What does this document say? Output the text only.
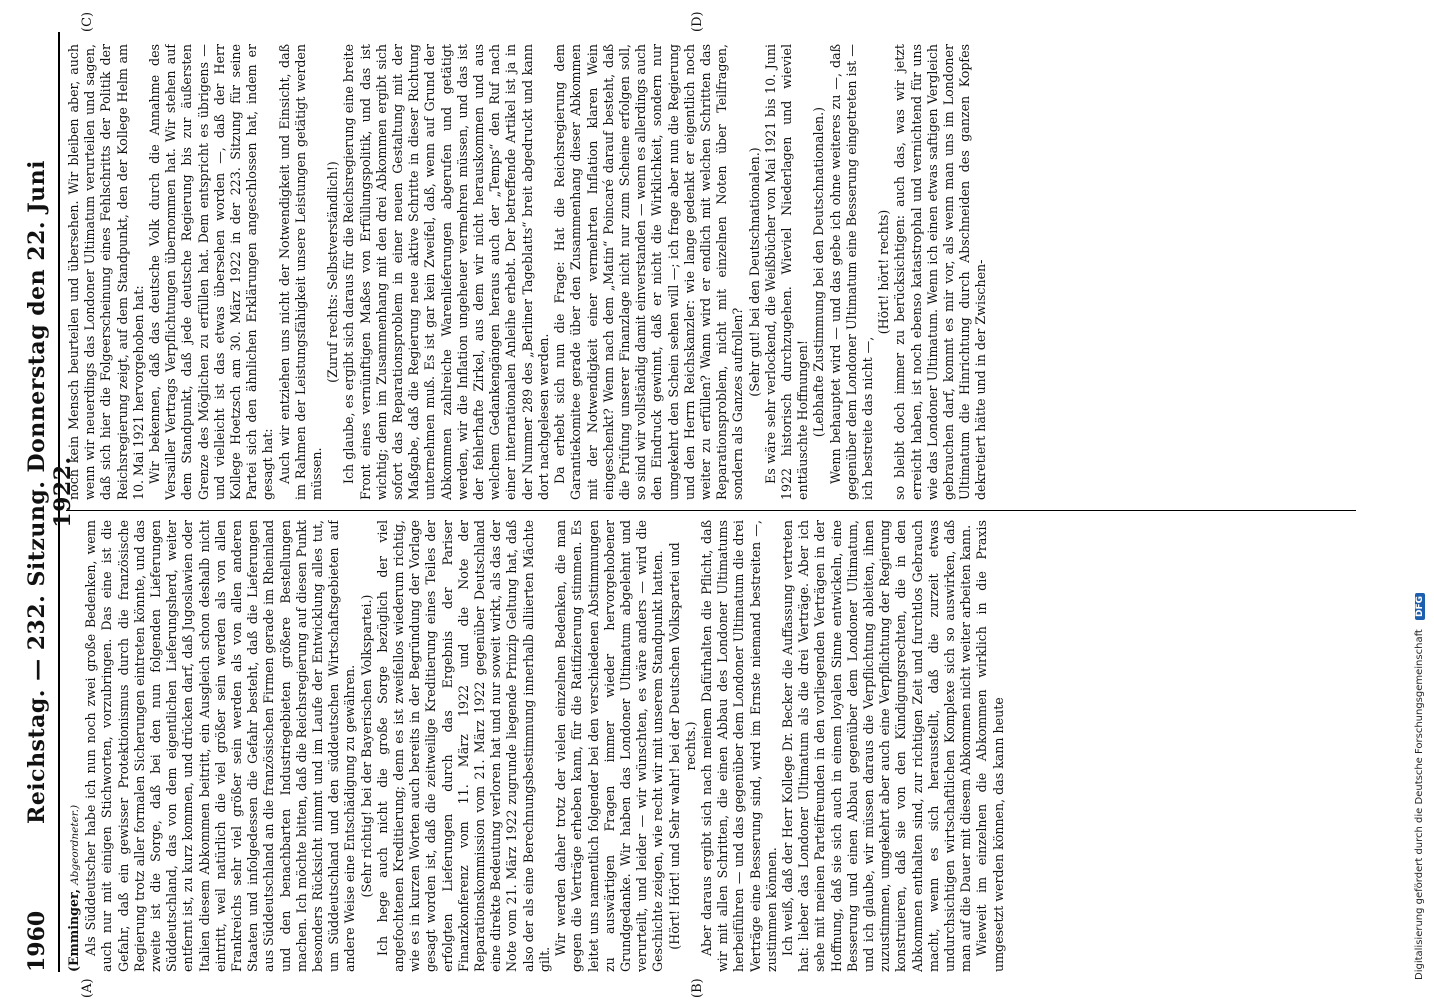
1960
Reichstag. — 232. Sitzung. Donnerstag den 22. Juni 1922.
(A)	(B)
(C)	(D)

(Emminger, Abgeordneter.) Als Süddeutscher habe ich nun noch zwei große Bedenken, wenn auch nur mit einigen Stichworten, vorzubringen. Das eine ist die Gefahr, daß ein gewisser Protektionismus durch die französische Regierung trotz aller formalen Sicherungen eintreten könnte, und das zweite ist die Sorge, daß bei den nun folgenden Lieferungen Süddeutschland, das von dem eigentlichen Lieferungsherd, weiter entfernt ist, zu kurz kommen, und drücken darf, daß Jugoslawien oder Italien diesem Abkommen beitritt, ein Ausgleich schon deshalb nicht eintritt, weil natürlich die viel größer sein werden als von allen Frankreichs sehr viel größer sein werden als von allen anderen Staaten und infolgedessen die Gefahr besteht, daß die Lieferungen aus Süddeutschland an die französischen Firmen gerade im Rheinland und den benachbarten Industriegebieten größere Bestellungen machen. Ich möchte bitten, daß die Reichsregierung auf diesen Punkt besonders Rücksicht nimmt und im Laufe der Entwicklung alles tut, um Süddeutschland und den süddeutschen Wirtschaftsgebieten auf andere Weise eine Entschädigung zu gewähren. (Sehr richtig! bei der Bayerischen Volkspartei.) Ich hege auch nicht die große Sorge bezüglich der viel angefochtenen Kreditierung; denn es ist zweifellos wiederum richtig, wie es in kurzen Worten auch bereits in der Begründung der Vorlage gesagt worden ist, daß die zeitweilige Kreditierung eines Teiles der erfolgten Lieferungen durch das Ergebnis der Pariser Finanzkonferenz vom 11. März 1922 und die Note der Reparationskommission vom 21. März 1922 gegenüber Deutschland eine direkte Bedeutung verloren hat und nur soweit wirkt, als das der Note vom 21. März 1922 zugrunde liegende Prinzip Geltung hat, daß also der als eine Berechnungsbestimmung innerhalb alliierten Mächte gilt.

Wir werden daher trotz der vielen einzelnen Bedenken, die man gegen die Verträge erheben kann, für die Ratifizierung stimmen. Es leitet uns namentlich folgender bei den verschiedenen Abstimmungen zu auswärtigen Fragen immer wieder hervorgehobener Grundgedanke. Wir haben das Londoner Ultimatum abgelehnt und verurteilt, und leider — wir wünschten, es wäre anders — wird die Geschichte zeigen, wie recht wir mit unserem Standpunkt hatten. (Hört! Hört! und Sehr wahr! bei der Deutschen Volkspartei und rechts.) Aber daraus ergibt sich nach meinem Dafürhalten die Pflicht, daß wir mit allen Schritten, die einen Abbau des Londoner Ultimatums herbeiführen — und das gegenüber dem Londoner Ultimatum die drei Verträge eine Besserung sind, wird im Ernste niemand bestreiten —, zustimmen können. Ich weiß, daß der Herr Kollege Dr. Becker die Auffassung vertreten hat: lieber das Londoner Ultimatum als die drei Verträge. Aber ich sehe mit meinen Parteifreunden in den vorliegenden Verträgen in der Hoffnung, daß sie sich auch in einem loyalen Sinne entwickeln, eine Besserung und einen Abbau gegenüber dem Londoner Ultimatum, und ich glaube, wir müssen daraus die Verpflichtung ableiten, ihnen zuzustimmen, umgekehrt aber auch eine Verpflichtung der Regierung konstruieren, daß sie von den Kündigungsrechten, die in den Abkommen enthalten sind, zur richtigen Zeit und furchtlos Gebrauch macht, wenn es sich herausstellt, daß die zurzeit etwas undurchsichtigen wirtschaftlichen Komplexe sich so auswirken, daß man auf die Dauer mit diesem Abkommen nicht weiter arbeiten kann. Wieweit im einzelnen die Abkommen wirklich in die Praxis umgesetzt werden können, das kann heute

noch kein Mensch beurteilen und übersehen. Wir bleiben aber, auch wenn wir neuerdings das Londoner Ultimatum verurteilen und sagen, daß sich hier die Folgeerscheinung eines Fehlschritts der Politik der Reichsregierung zeigt, auf dem Standpunkt, den der Kollege Helm am 10. Mai 1921 hervorgehoben hat: Wir bekennen, daß das deutsche Volk durch die Annahme des Versailler Vertrags Verpflichtungen übernommen hat. Wir stehen auf dem Standpunkt, daß jede deutsche Regierung bis zur äußersten Grenze des Möglichen zu erfüllen hat. Dem entspricht es übrigens — und vielleicht ist das etwas übersehen worden —, daß der Herr Kollege Hoetzsch am 30. März 1922 in der 223. Sitzung für seine Partei sich den ähnlichen Erklärungen angeschlossen hat, indem er gesagt hat: Auch wir entziehen uns nicht der Notwendigkeit und Einsicht, daß im Rahmen der Leistungsfähigkeit unsere Leistungen getätigt werden müssen.

(Zuruf rechts: Selbstverständlich!) Ich glaube, es ergibt sich daraus für die Reichsregierung eine breite Front eines vernünftigen Maßes von Erfüllungspolitik, und das ist wichtig; denn im Zusammenhang mit den drei Abkommen ergibt sich sofort das Reparationsproblem in einer neuen Gestaltung mit der Maßgabe, daß die Regierung neue aktive Schritte in dieser Richtung unternehmen muß. Es ist gar kein Zweifel, daß, wenn auf Grund der Abkommen zahlreiche Warenlieferungen abgerufen und getätigt werden, wir die Inflation ungeheuer vermehren müssen, und das ist der fehlerhafte Zirkel, aus dem wir nicht herauskommen und aus welchem Gedankengängen heraus auch der „Temps“ den Ruf nach einer internationalen Anleihe erhebt. Der betreffende Artikel ist ja in der Nummer 289 des „Berliner Tageblatts“ breit abgedruckt und kann dort nachgelesen werden. Da erhebt sich nun die Frage: Hat die Reichsregierung dem Garantiekomitee gerade über den Zusammenhang dieser Abkommen mit der Notwendigkeit einer vermehrten Inflation klaren Wein eingeschenkt? Wenn nach dem „Matin“ Poincaré darauf besteht, daß die Prüfung unserer Finanzlage nicht nur zum Scheine erfolgen soll, so sind wir vollständig damit einverstanden — wenn es allerdings auch den Eindruck gewinnt, daß er nicht die Wirklichkeit, sondern nur umgekehrt den Schein sehen will —; ich frage aber nun die Regierung und den Herrn Reichskanzler: wie lange gedenkt er eigentlich noch weiter zu erfüllen? Wann wird er endlich mit welchen Schritten das Reparationsproblem, nicht mit einzelnen Noten über Teilfragen, sondern als Ganzes aufrollen?

(Sehr gut! bei den Deutschnationalen.) Es wäre sehr verlockend, die Weißbücher von Mai 1921 bis 10. Juni 1922 historisch durchzugehen. Wieviel Niederlagen und wieviel enttäuschte Hoffnungen! (Lebhafte Zustimmung bei den Deutschnationalen.) Wenn behauptet wird — und das gebe ich ohne weiteres zu —, daß gegenüber dem Londoner Ultimatum eine Besserung eingetreten ist — ich bestreite das nicht —,

(Hört! hört! rechts) so bleibt doch immer zu berücksichtigen: auch das, was wir jetzt erreicht haben, ist noch ebenso katastrophal und vernichtend für uns wie das Londoner Ultimatum. Wenn ich einen etwas saftigen Vergleich gebrauchen darf, kommt es mir vor, als wenn man uns im Londoner Ultimatum die Hinrichtung durch Abschneiden des ganzen Kopfes dekretiert hätte und in der Zwischen-

Digitalisierung gefördert durch die Deutsche Forschungsgemeinschaft DFG
